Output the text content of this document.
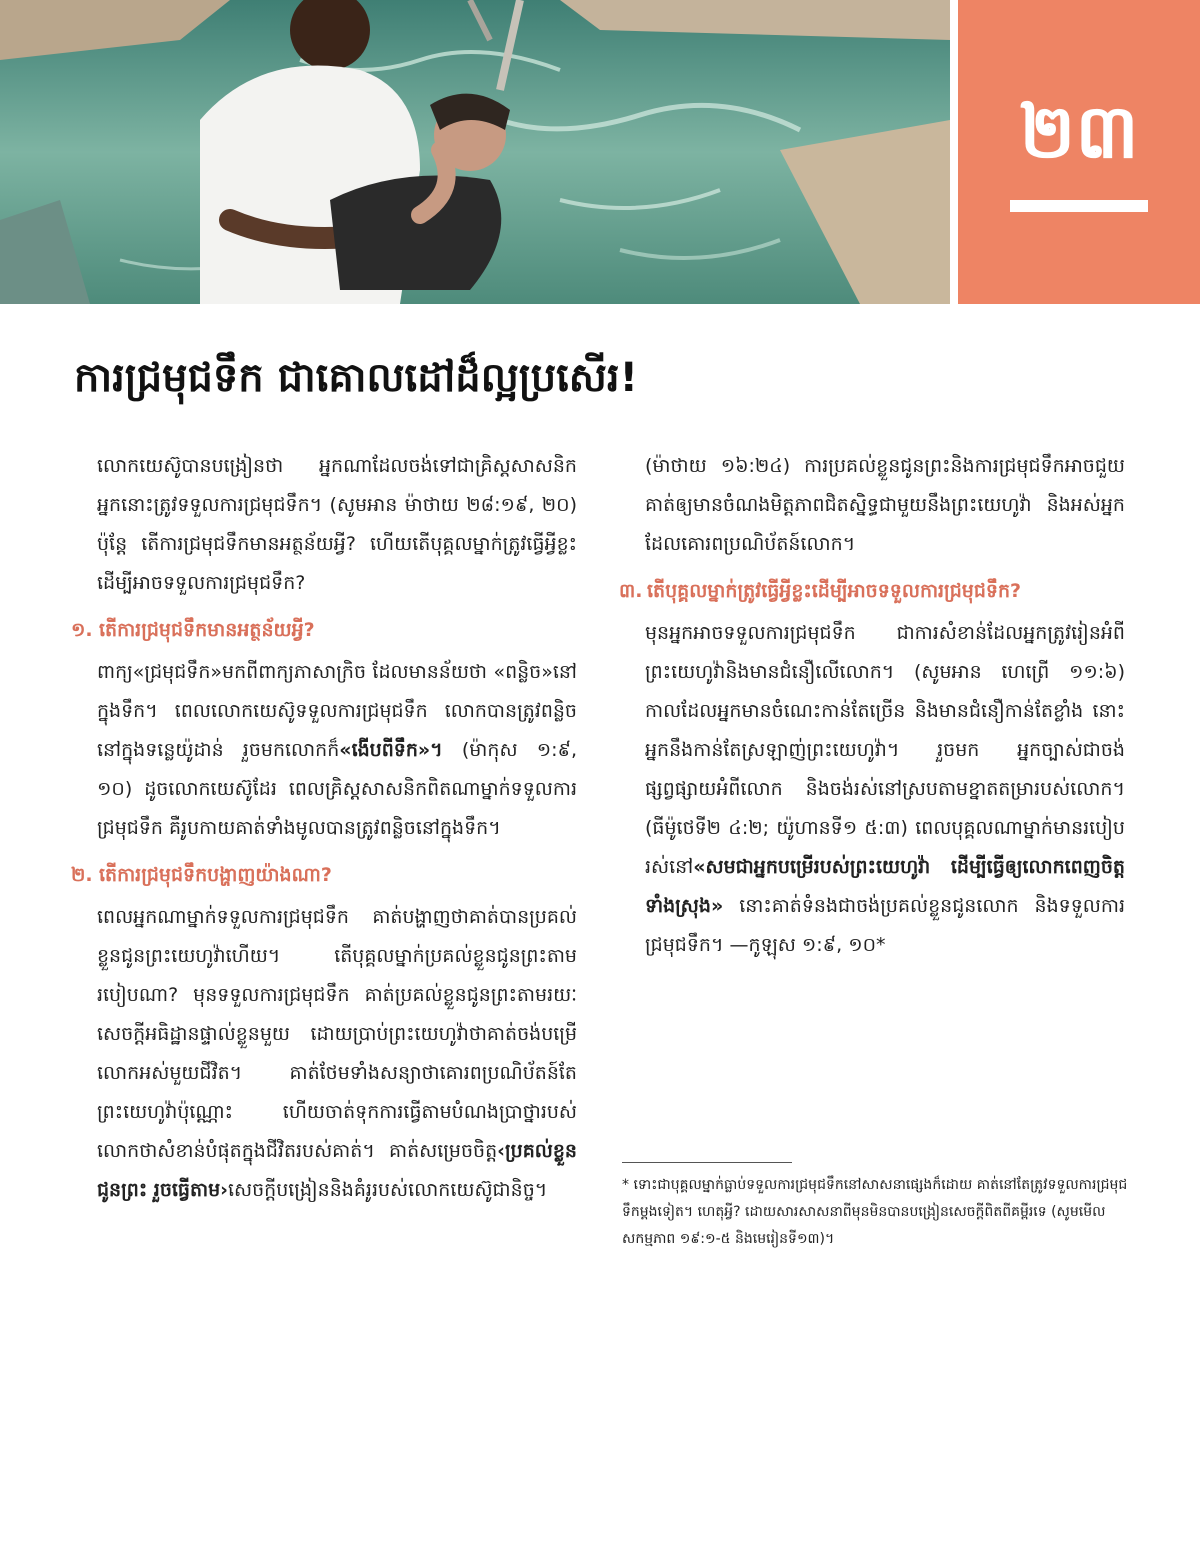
២៣
ការជ្រមុជទឹក ជាគោលដៅដ៏ល្អប្រសើរ!

លោកយេស៊ូបានបង្រៀនថា អ្នកណាដែលចង់ទៅជាគ្រិស្តសាសនិក អ្នកនោះត្រូវទទួលការជ្រមុជទឹក។ (សូមអាន ម៉ាថាយ ២៨:១៩, ២០) ប៉ុន្តែ តើការជ្រមុជទឹកមានអត្ថន័យអ្វី? ហើយតើបុគ្គលម្នាក់ត្រូវធ្វើអ្វីខ្លះដើម្បីអាចទទួលការជ្រមុជទឹក?

១. តើការជ្រមុជទឹកមានអត្ថន័យអ្វី?

ពាក្យ«ជ្រមុជទឹក»មកពីពាក្យភាសាក្រិច ដែលមានន័យថា «ពន្លិច»នៅក្នុងទឹក។ ពេលលោកយេស៊ូទទួលការជ្រមុជទឹក លោកបានត្រូវពន្លិចនៅក្នុងទន្លេយ៉ូដាន់ រួចមកលោកក៏«ងើបពីទឹក»។ (ម៉ាកុស ១:៩, ១០) ដូចលោកយេស៊ូដែរ ពេលគ្រិស្តសាសនិកពិតណាម្នាក់ទទួលការជ្រមុជទឹក គឺរូបកាយគាត់ទាំងមូលបានត្រូវពន្លិចនៅក្នុងទឹក។

២. តើការជ្រមុជទឹកបង្ហាញយ៉ាងណា?

ពេលអ្នកណាម្នាក់ទទួលការជ្រមុជទឹក គាត់បង្ហាញថាគាត់បានប្រគល់ខ្លួនជូនព្រះយេហូវ៉ាហើយ។ តើបុគ្គលម្នាក់ប្រគល់ខ្លួនជូនព្រះតាមរបៀបណា? មុនទទួលការជ្រមុជទឹក គាត់ប្រគល់ខ្លួនជូនព្រះតាមរយៈសេចក្ដីអធិដ្ឋានផ្ទាល់ខ្លួនមួយ ដោយប្រាប់ព្រះយេហូវ៉ាថាគាត់ចង់បម្រើលោកអស់មួយជីវិត។ គាត់ថែមទាំងសន្យាថាគោរពប្រណិប័តន៍តែព្រះយេហូវ៉ាប៉ុណ្ណោះ ហើយចាត់ទុកការធ្វើតាមបំណងប្រាថ្នារបស់លោកថាសំខាន់បំផុតក្នុងជីវិតរបស់គាត់។ គាត់សម្រេចចិត្ត‹ប្រគល់ខ្លួនជូនព្រះ រួចធ្វើតាម›សេចក្ដីបង្រៀននិងគំរូរបស់លោកយេស៊ូជានិច្ច។

(ម៉ាថាយ ១៦:២៤) ការប្រគល់ខ្លួនជូនព្រះនិងការជ្រមុជទឹកអាចជួយគាត់ឲ្យមានចំណងមិត្តភាពជិតស្និទ្ធជាមួយនឹងព្រះយេហូវ៉ា និងអស់អ្នកដែលគោរពប្រណិប័តន៍លោក។

៣. តើបុគ្គលម្នាក់ត្រូវធ្វើអ្វីខ្លះដើម្បីអាចទទួលការជ្រមុជទឹក?

មុនអ្នកអាចទទួលការជ្រមុជទឹក ជាការសំខាន់ដែលអ្នកត្រូវរៀនអំពីព្រះយេហូវ៉ានិងមានជំនឿលើលោក។ (សូមអាន ហេព្រើ ១១:៦) កាលដែលអ្នកមានចំណេះកាន់តែច្រើន និងមានជំនឿកាន់តែខ្លាំង នោះអ្នកនឹងកាន់តែស្រឡាញ់ព្រះយេហូវ៉ា។ រួចមក អ្នកច្បាស់ជាចង់ផ្សព្វផ្សាយអំពីលោក និងចង់រស់នៅស្របតាមខ្នាតតម្រារបស់លោក។ (ធីម៉ូថេទី២ ៤:២; យ៉ូហានទី១ ៥:៣) ពេលបុគ្គលណាម្នាក់មានរបៀបរស់នៅ«សមជាអ្នកបម្រើរបស់ព្រះយេហូវ៉ា ដើម្បីធ្វើឲ្យលោកពេញចិត្តទាំងស្រុង» នោះគាត់ទំនងជាចង់ប្រគល់ខ្លួនជូនលោក និងទទួលការជ្រមុជទឹក។ —កូឡុស ១:៩, ១០*

* ទោះជាបុគ្គលម្នាក់ធ្លាប់ទទួលការជ្រមុជទឹកនៅសាសនាផ្សេងក៏ដោយ គាត់នៅតែត្រូវទទួលការជ្រមុជទឹកម្ដងទៀត។ ហេតុអ្វី? ដោយសារសាសនាពីមុនមិនបានបង្រៀនសេចក្ដីពិតពីគម្ពីរទេ (សូមមើល សកម្មភាព ១៩:១-៥ និងមេរៀនទី១៣)។
